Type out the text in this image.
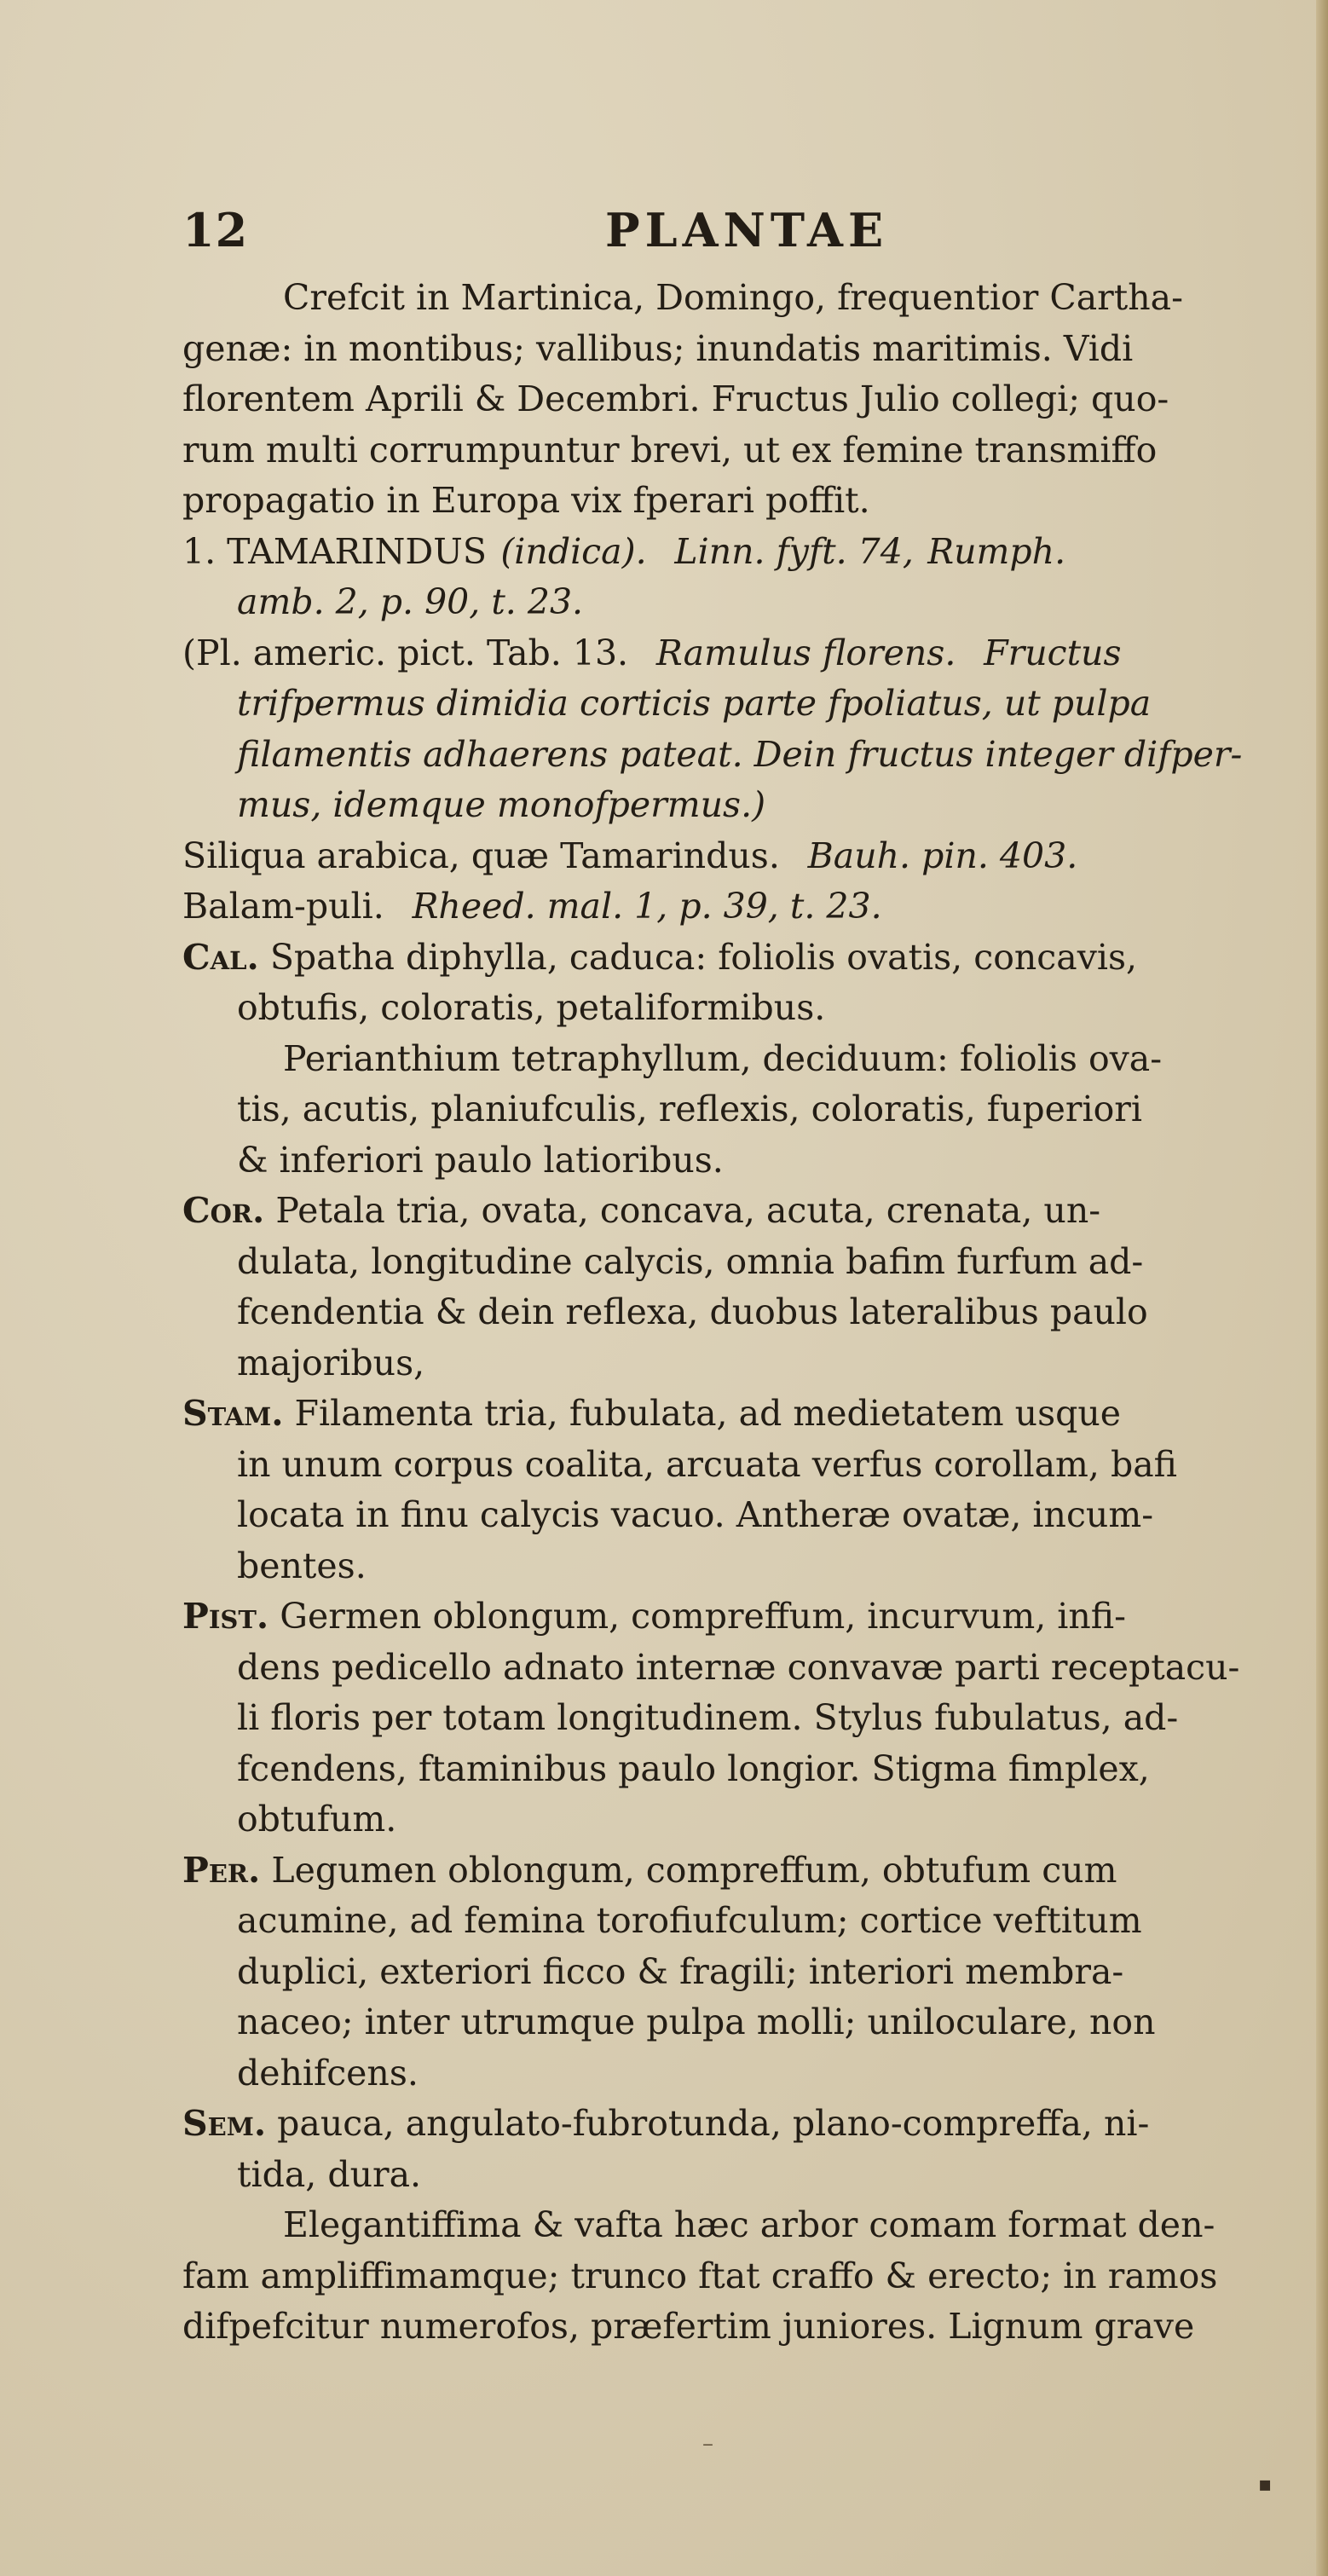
12	PLANTAE
Crefcit in Martinica, Domingo, frequentior Cartha-
genæ: in montibus; vallibus; inundatis maritimis. Vidi
florentem Aprili & Decembri. Fructus Julio collegi; quo-
rum multi corrumpuntur brevi, ut ex femine transmiffo
propagatio in Europa vix fperari poffit.
1. TAMARINDUS (indica). Linn. fyft. 74, Rumph.
amb. 2, p. 90, t. 23.
(Pl. americ. pict. Tab. 13. Ramulus florens. Fructus
trifpermus dimidia corticis parte fpoliatus, ut pulpa
filamentis adhaerens pateat. Dein fructus integer difper-
mus, idemque monofpermus.)
Siliqua arabica, quæ Tamarindus. Bauh. pin. 403.
Balam-puli. Rheed. mal. 1, p. 39, t. 23.
Cal. Spatha diphylla, caduca: foliolis ovatis, concavis,
obtufis, coloratis, petaliformibus.
Perianthium tetraphyllum, deciduum: foliolis ova-
tis, acutis, planiufculis, reflexis, coloratis, fuperiori
& inferiori paulo latioribus.
Cor. Petala tria, ovata, concava, acuta, crenata, un-
dulata, longitudine calycis, omnia bafim furfum ad-
fcendentia & dein reflexa, duobus lateralibus paulo
majoribus,
Stam. Filamenta tria, fubulata, ad medietatem usque
in unum corpus coalita, arcuata verfus corollam, bafi
locata in finu calycis vacuo. Antheræ ovatæ, incum-
bentes.
Pist. Germen oblongum, compreffum, incurvum, infi-
dens pedicello adnato internæ convavæ parti receptacu-
li floris per totam longitudinem. Stylus fubulatus, ad-
fcendens, ftaminibus paulo longior. Stigma fimplex,
obtufum.
Per. Legumen oblongum, compreffum, obtufum cum
acumine, ad femina torofiufculum; cortice veftitum
duplici, exteriori ficco & fragili; interiori membra-
naceo; inter utrumque pulpa molli; uniloculare, non
dehifcens.
Sem. pauca, angulato-fubrotunda, plano-compreffa, ni-
tida, dura.
Elegantiffima & vafta hæc arbor comam format den-
fam ampliffimamque; trunco ftat craffo & erecto; in ramos
difpefcitur numerofos, præfertim juniores. Lignum grave
–
▪
